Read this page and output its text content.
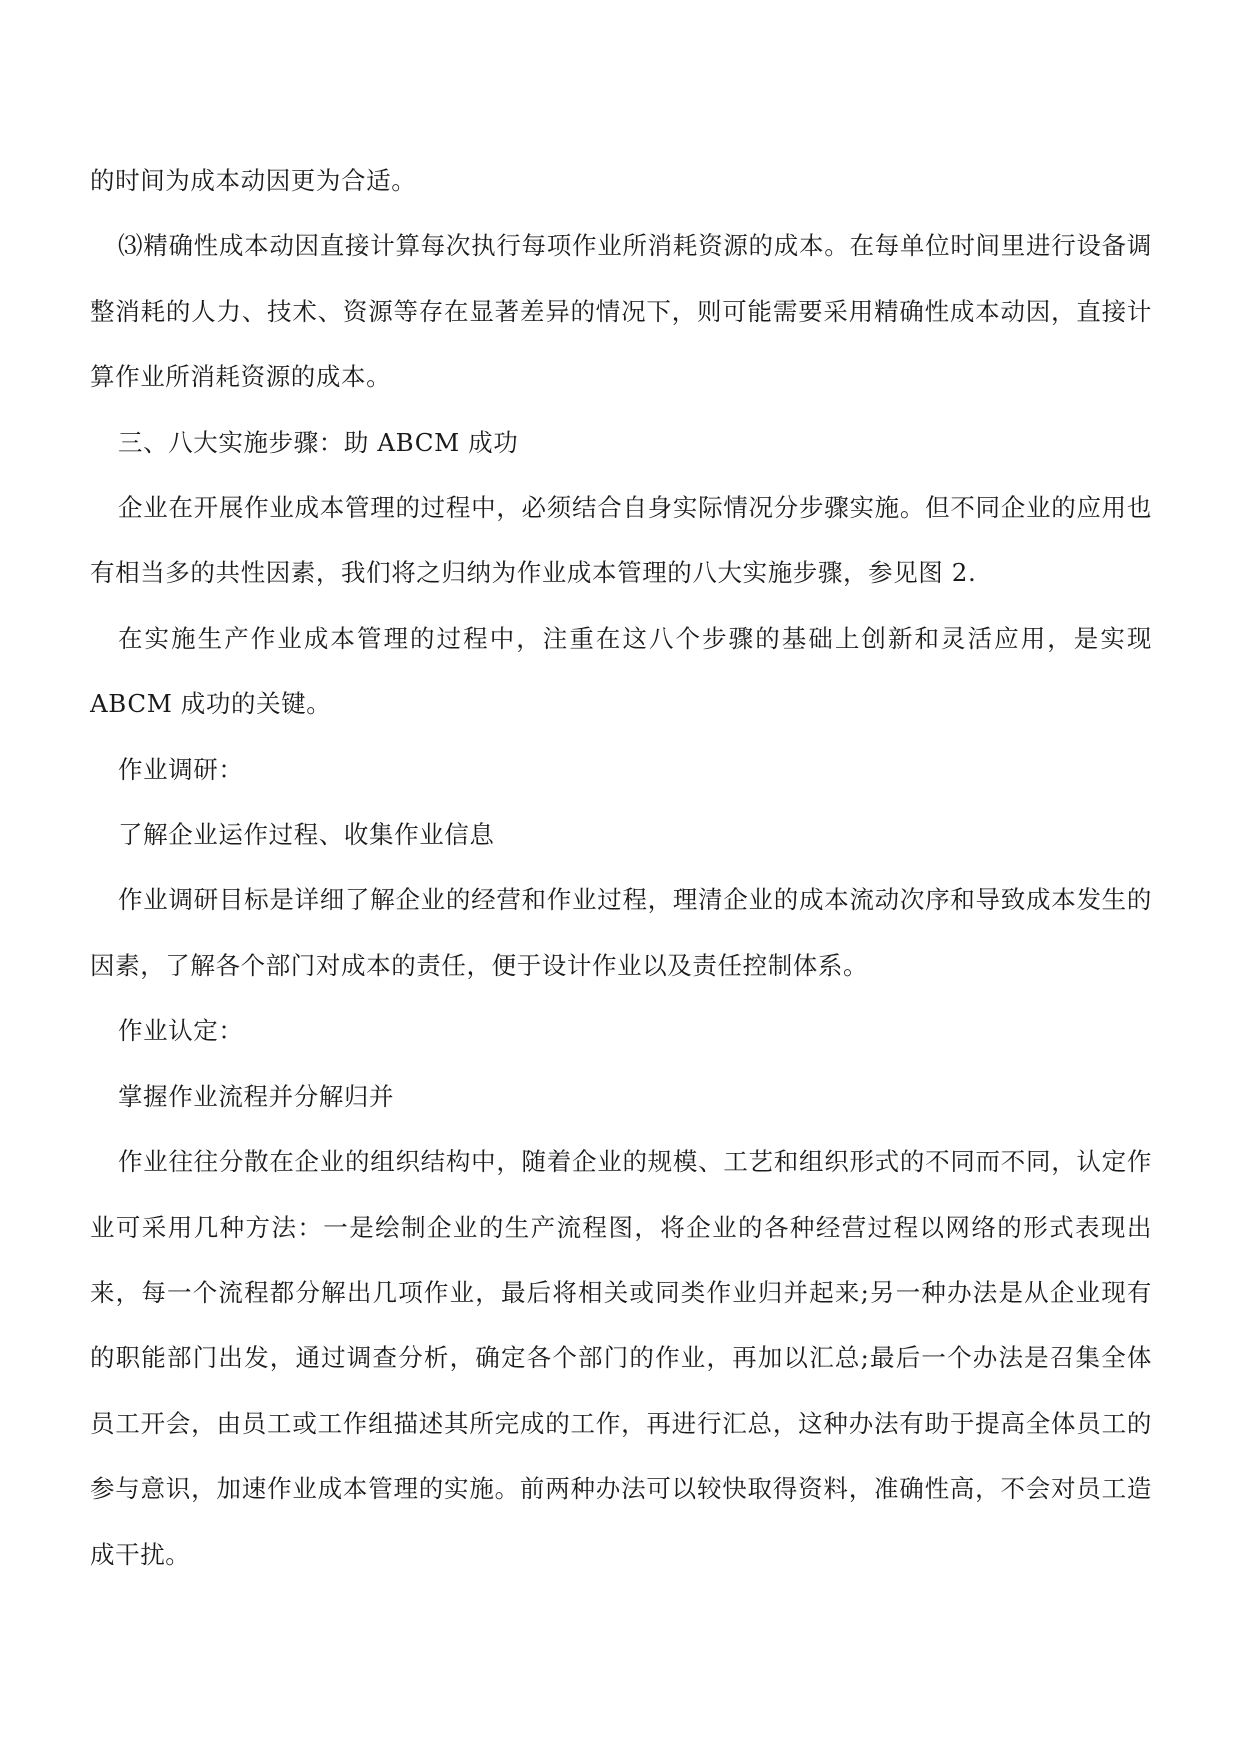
的时间为成本动因更为合适。

⑶精确性成本动因直接计算每次执行每项作业所消耗资源的成本。在每单位时间里进行设备调整消耗的人力、技术、资源等存在显著差异的情况下，则可能需要采用精确性成本动因，直接计算作业所消耗资源的成本。

三、八大实施步骤：助 ABCM 成功

企业在开展作业成本管理的过程中，必须结合自身实际情况分步骤实施。但不同企业的应用也有相当多的共性因素，我们将之归纳为作业成本管理的八大实施步骤，参见图 2.

在实施生产作业成本管理的过程中，注重在这八个步骤的基础上创新和灵活应用，是实现 ABCM 成功的关键。

作业调研：

了解企业运作过程、收集作业信息

作业调研目标是详细了解企业的经营和作业过程，理清企业的成本流动次序和导致成本发生的因素，了解各个部门对成本的责任，便于设计作业以及责任控制体系。

作业认定：

掌握作业流程并分解归并

作业往往分散在企业的组织结构中，随着企业的规模、工艺和组织形式的不同而不同，认定作业可采用几种方法：一是绘制企业的生产流程图，将企业的各种经营过程以网络的形式表现出来，每一个流程都分解出几项作业，最后将相关或同类作业归并起来;另一种办法是从企业现有的职能部门出发，通过调查分析，确定各个部门的作业，再加以汇总;最后一个办法是召集全体员工开会，由员工或工作组描述其所完成的工作，再进行汇总，这种办法有助于提高全体员工的参与意识，加速作业成本管理的实施。前两种办法可以较快取得资料，准确性高，不会对员工造成干扰。
